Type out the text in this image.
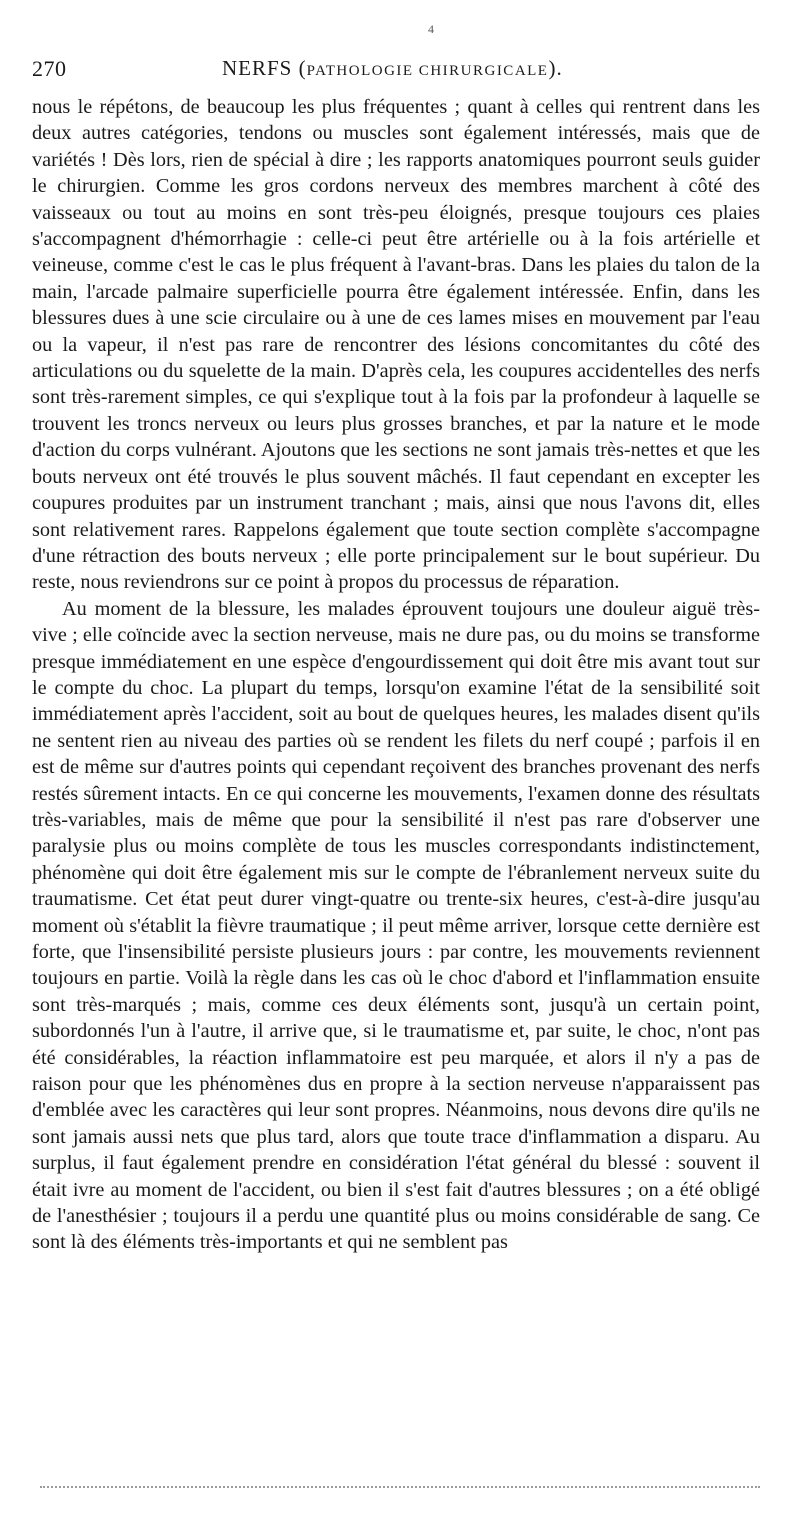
4
270	NERFS (PATHOLOGIE CHIRURGICALE).

nous le répétons, de beaucoup les plus fréquentes ; quant à celles qui rentrent dans les deux autres catégories, tendons ou muscles sont également intéressés, mais que de variétés ! Dès lors, rien de spécial à dire ; les rapports anatomiques pourront seuls guider le chirurgien. Comme les gros cordons nerveux des membres marchent à côté des vaisseaux ou tout au moins en sont très-peu éloignés, presque toujours ces plaies s'accompagnent d'hémorrhagie : celle-ci peut être artérielle ou à la fois artérielle et veineuse, comme c'est le cas le plus fréquent à l'avant-bras. Dans les plaies du talon de la main, l'arcade palmaire superficielle pourra être également intéressée. Enfin, dans les blessures dues à une scie circulaire ou à une de ces lames mises en mouvement par l'eau ou la vapeur, il n'est pas rare de rencontrer des lésions concomitantes du côté des articulations ou du squelette de la main. D'après cela, les coupures accidentelles des nerfs sont très-rarement simples, ce qui s'explique tout à la fois par la profondeur à laquelle se trouvent les troncs nerveux ou leurs plus grosses branches, et par la nature et le mode d'action du corps vulnérant. Ajoutons que les sections ne sont jamais très-nettes et que les bouts nerveux ont été trouvés le plus souvent mâchés. Il faut cependant en excepter les coupures produites par un instrument tranchant ; mais, ainsi que nous l'avons dit, elles sont relativement rares. Rappelons également que toute section complète s'accompagne d'une rétraction des bouts nerveux ; elle porte principalement sur le bout supérieur. Du reste, nous reviendrons sur ce point à propos du processus de réparation.

Au moment de la blessure, les malades éprouvent toujours une douleur aiguë très-vive ; elle coïncide avec la section nerveuse, mais ne dure pas, ou du moins se transforme presque immédiatement en une espèce d'engourdissement qui doit être mis avant tout sur le compte du choc. La plupart du temps, lorsqu'on examine l'état de la sensibilité soit immédiatement après l'accident, soit au bout de quelques heures, les malades disent qu'ils ne sentent rien au niveau des parties où se rendent les filets du nerf coupé ; parfois il en est de même sur d'autres points qui cependant reçoivent des branches provenant des nerfs restés sûrement intacts. En ce qui concerne les mouvements, l'examen donne des résultats très-variables, mais de même que pour la sensibilité il n'est pas rare d'observer une paralysie plus ou moins complète de tous les muscles correspondants indistinctement, phénomène qui doit être également mis sur le compte de l'ébranlement nerveux suite du traumatisme. Cet état peut durer vingt-quatre ou trente-six heures, c'est-à-dire jusqu'au moment où s'établit la fièvre traumatique ; il peut même arriver, lorsque cette dernière est forte, que l'insensibilité persiste plusieurs jours : par contre, les mouvements reviennent toujours en partie. Voilà la règle dans les cas où le choc d'abord et l'inflammation ensuite sont très-marqués ; mais, comme ces deux éléments sont, jusqu'à un certain point, subordonnés l'un à l'autre, il arrive que, si le traumatisme et, par suite, le choc, n'ont pas été considérables, la réaction inflammatoire est peu marquée, et alors il n'y a pas de raison pour que les phénomènes dus en propre à la section nerveuse n'apparaissent pas d'emblée avec les caractères qui leur sont propres. Néanmoins, nous devons dire qu'ils ne sont jamais aussi nets que plus tard, alors que toute trace d'inflammation a disparu. Au surplus, il faut également prendre en considération l'état général du blessé : souvent il était ivre au moment de l'accident, ou bien il s'est fait d'autres blessures ; on a été obligé de l'anesthésier ; toujours il a perdu une quantité plus ou moins considérable de sang. Ce sont là des éléments très-importants et qui ne semblent pas
